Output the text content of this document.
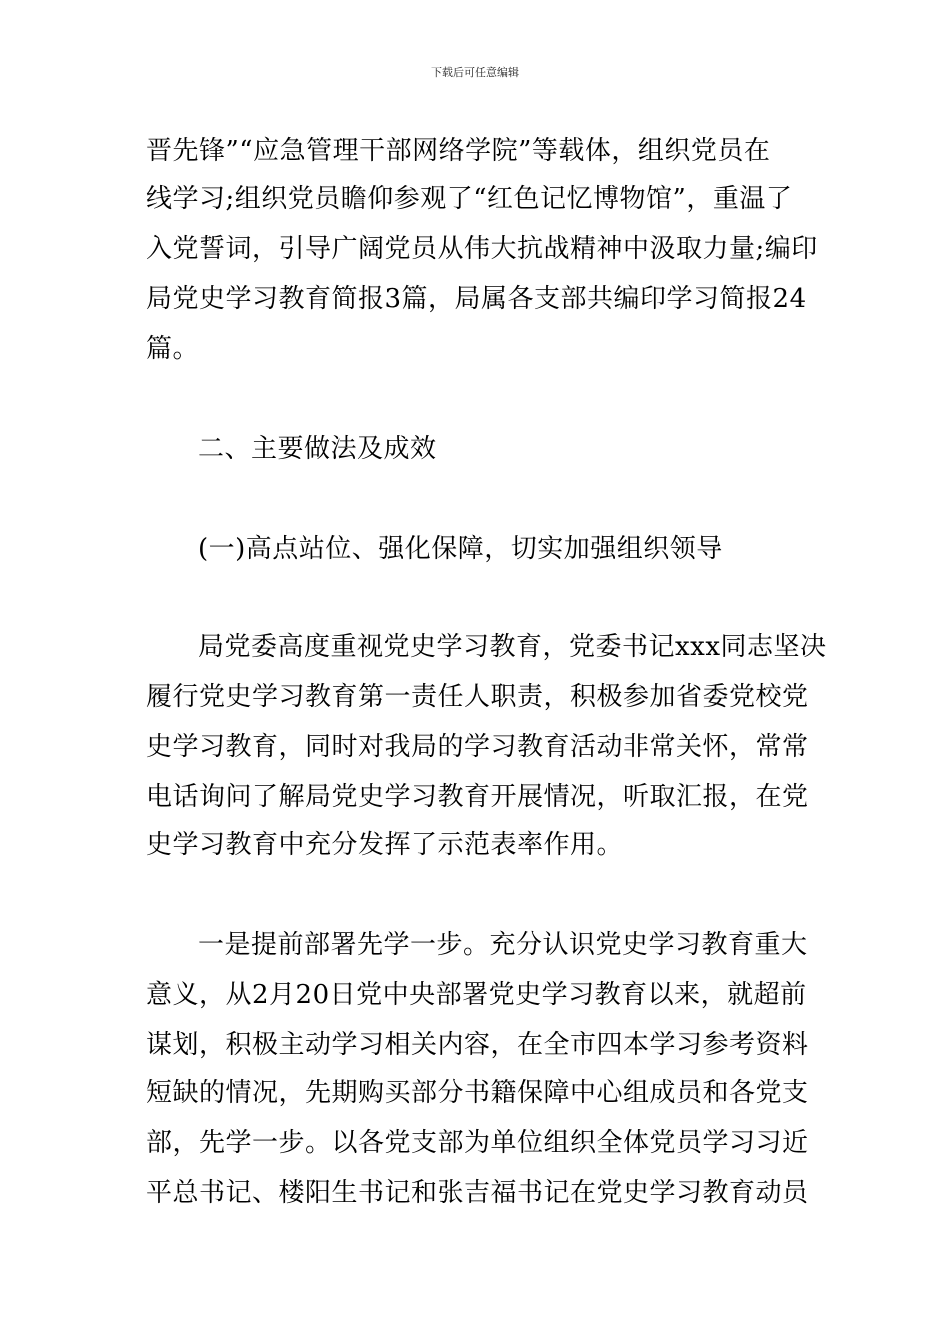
下载后可任意编辑
晋先锋”“应急管理干部网络学院”等载体，组织党员在
线学习;组织党员瞻仰参观了“红色记忆博物馆”，重温了
入党誓词，引导广阔党员从伟大抗战精神中汲取力量;编印
局党史学习教育简报3篇，局属各支部共编印学习简报24
篇。
二、主要做法及成效
(一)高点站位、强化保障，切实加强组织领导
局党委高度重视党史学习教育，党委书记xxx同志坚决
履行党史学习教育第一责任人职责，积极参加省委党校党
史学习教育，同时对我局的学习教育活动非常关怀，常常
电话询问了解局党史学习教育开展情况，听取汇报，在党
史学习教育中充分发挥了示范表率作用。
一是提前部署先学一步。充分认识党史学习教育重大
意义，从2月20日党中央部署党史学习教育以来，就超前
谋划，积极主动学习相关内容，在全市四本学习参考资料
短缺的情况，先期购买部分书籍保障中心组成员和各党支
部，先学一步。以各党支部为单位组织全体党员学习习近
平总书记、楼阳生书记和张吉福书记在党史学习教育动员
